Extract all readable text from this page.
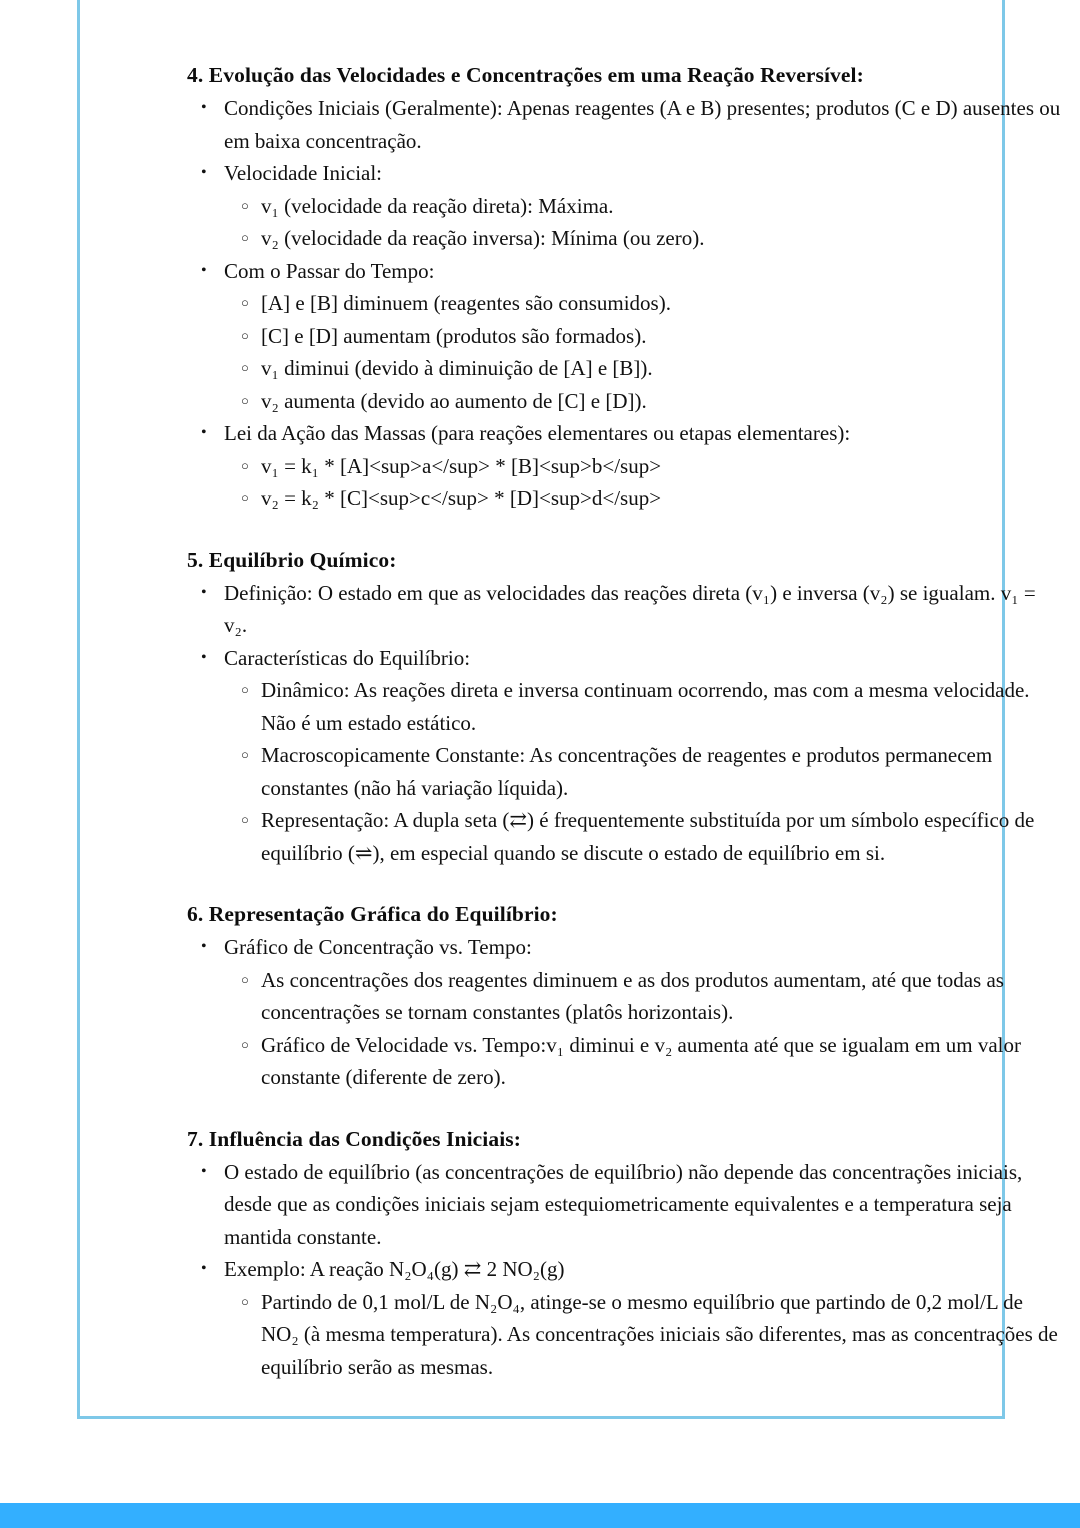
4. Evolução das Velocidades e Concentrações em uma Reação Reversível:
• Condições Iniciais (Geralmente): Apenas reagentes (A e B) presentes; produtos (C e D) ausentes ou em baixa concentração.
• Velocidade Inicial:
○ v₁ (velocidade da reação direta): Máxima.
○ v₂ (velocidade da reação inversa): Mínima (ou zero).
• Com o Passar do Tempo:
○ [A] e [B] diminuem (reagentes são consumidos).
○ [C] e [D] aumentam (produtos são formados).
○ v₁ diminui (devido à diminuição de [A] e [B]).
○ v₂ aumenta (devido ao aumento de [C] e [D]).
• Lei da Ação das Massas (para reações elementares ou etapas elementares):
○ v₁ = k₁ * [A]<sup>a</sup> * [B]<sup>b</sup>
○ v₂ = k₂ * [C]<sup>c</sup> * [D]<sup>d</sup>
5. Equilíbrio Químico:
• Definição: O estado em que as velocidades das reações direta (v₁) e inversa (v₂) se igualam. v₁ = v₂.
• Características do Equilíbrio:
○ Dinâmico: As reações direta e inversa continuam ocorrendo, mas com a mesma velocidade. Não é um estado estático.
○ Macroscopicamente Constante: As concentrações de reagentes e produtos permanecem constantes (não há variação líquida).
○ Representação: A dupla seta (⇄) é frequentemente substituída por um símbolo específico de equilíbrio (⇌), em especial quando se discute o estado de equilíbrio em si.
6. Representação Gráfica do Equilíbrio:
• Gráfico de Concentração vs. Tempo:
○ As concentrações dos reagentes diminuem e as dos produtos aumentam, até que todas as concentrações se tornam constantes (platôs horizontais).
○ Gráfico de Velocidade vs. Tempo:v₁ diminui e v₂ aumenta até que se igualam em um valor constante (diferente de zero).
7. Influência das Condições Iniciais:
• O estado de equilíbrio (as concentrações de equilíbrio) não depende das concentrações iniciais, desde que as condições iniciais sejam estequiometricamente equivalentes e a temperatura seja mantida constante.
• Exemplo: A reação N₂O₄(g) ⇄ 2 NO₂(g)
○ Partindo de 0,1 mol/L de N₂O₄, atinge-se o mesmo equilíbrio que partindo de 0,2 mol/L de NO₂ (à mesma temperatura). As concentrações iniciais são diferentes, mas as concentrações de equilíbrio serão as mesmas.
